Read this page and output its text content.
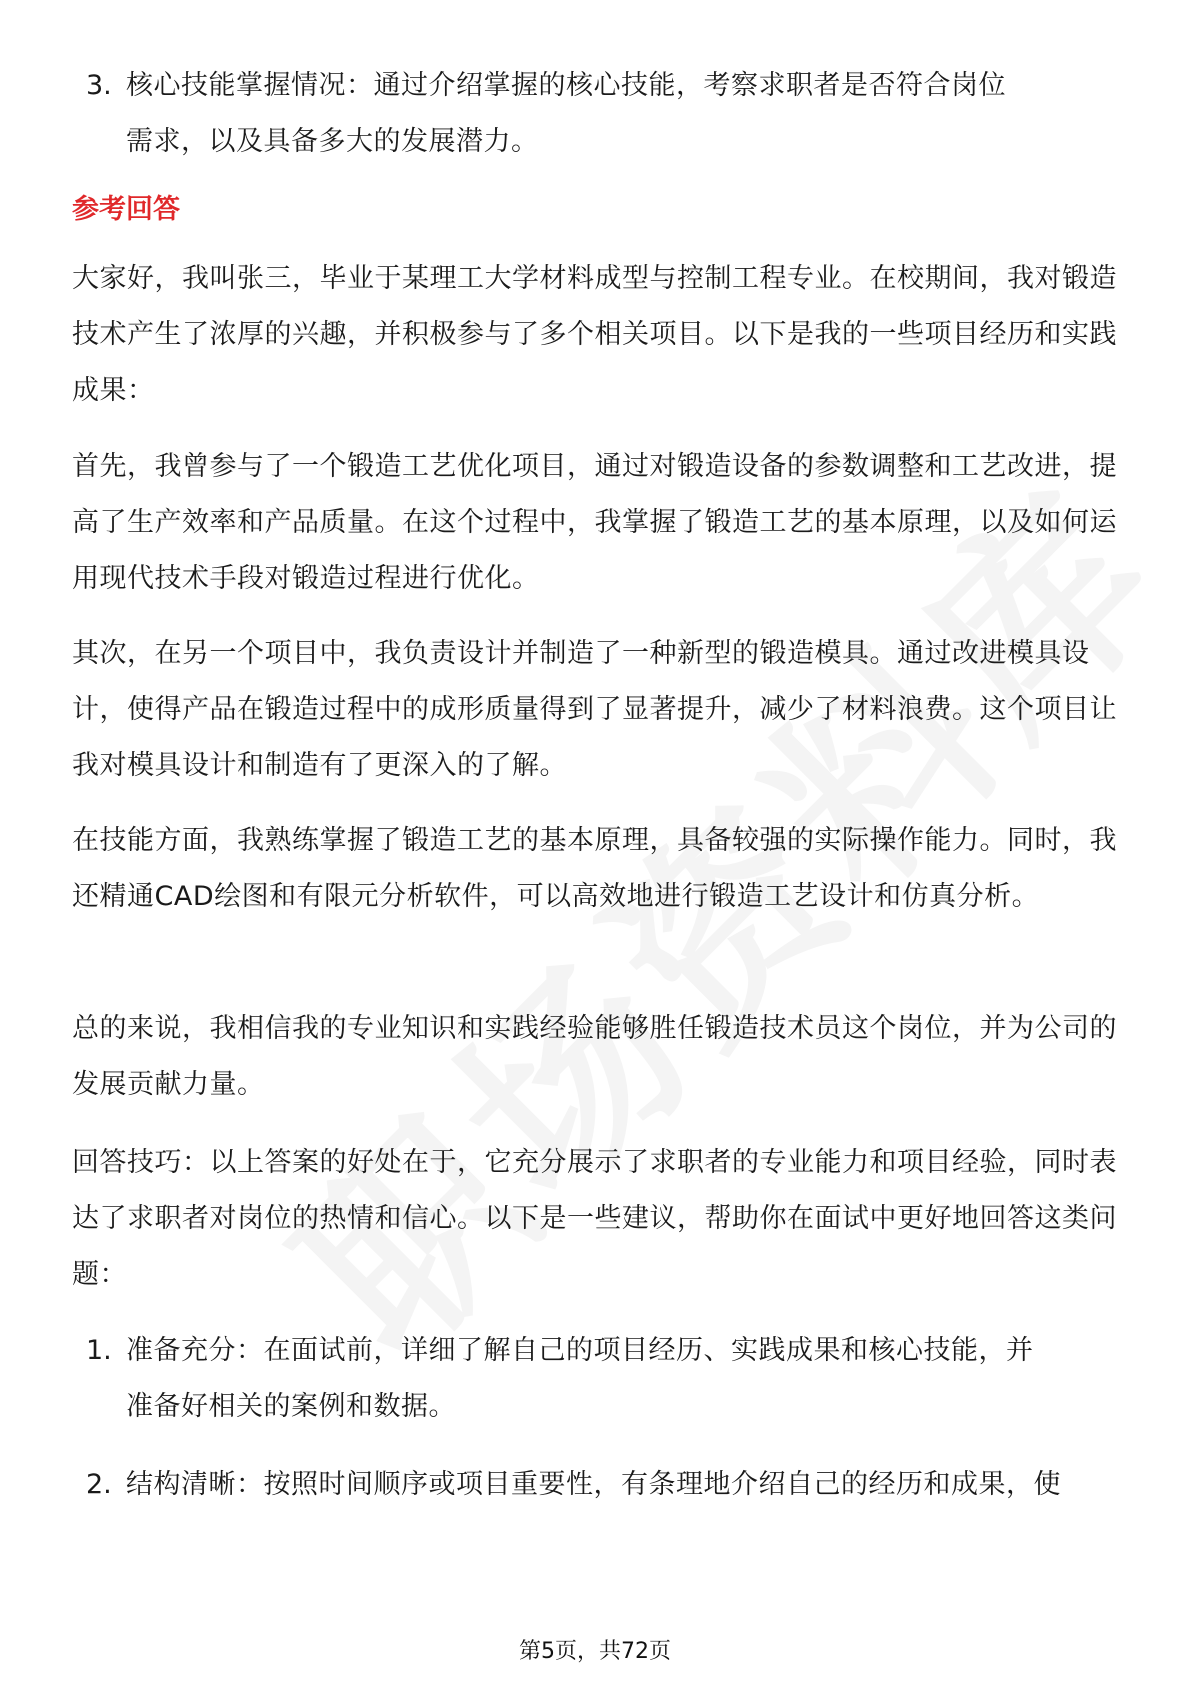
3. 核心技能掌握情况：通过介绍掌握的核心技能，考察求职者是否符合岗位需求，以及具备多大的发展潜力。
参考回答

大家好，我叫张三，毕业于某理工大学材料成型与控制工程专业。在校期间，我对锻造技术产生了浓厚的兴趣，并积极参与了多个相关项目。以下是我的一些项目经历和实践成果：

首先，我曾参与了一个锻造工艺优化项目，通过对锻造设备的参数调整和工艺改进，提高了生产效率和产品质量。在这个过程中，我掌握了锻造工艺的基本原理，以及如何运用现代技术手段对锻造过程进行优化。

其次，在另一个项目中，我负责设计并制造了一种新型的锻造模具。通过改进模具设计，使得产品在锻造过程中的成形质量得到了显著提升，减少了材料浪费。这个项目让我对模具设计和制造有了更深入的了解。

在技能方面，我熟练掌握了锻造工艺的基本原理，具备较强的实际操作能力。同时，我还精通CAD绘图和有限元分析软件，可以高效地进行锻造工艺设计和仿真分析。

总的来说，我相信我的专业知识和实践经验能够胜任锻造技术员这个岗位，并为公司的发展贡献力量。

回答技巧：以上答案的好处在于，它充分展示了求职者的专业能力和项目经验，同时表达了求职者对岗位的热情和信心。以下是一些建议，帮助你在面试中更好地回答这类问题：

1. 准备充分：在面试前，详细了解自己的项目经历、实践成果和核心技能，并准备好相关的案例和数据。
2. 结构清晰：按照时间顺序或项目重要性，有条理地介绍自己的经历和成果，使
第5页，共72页
